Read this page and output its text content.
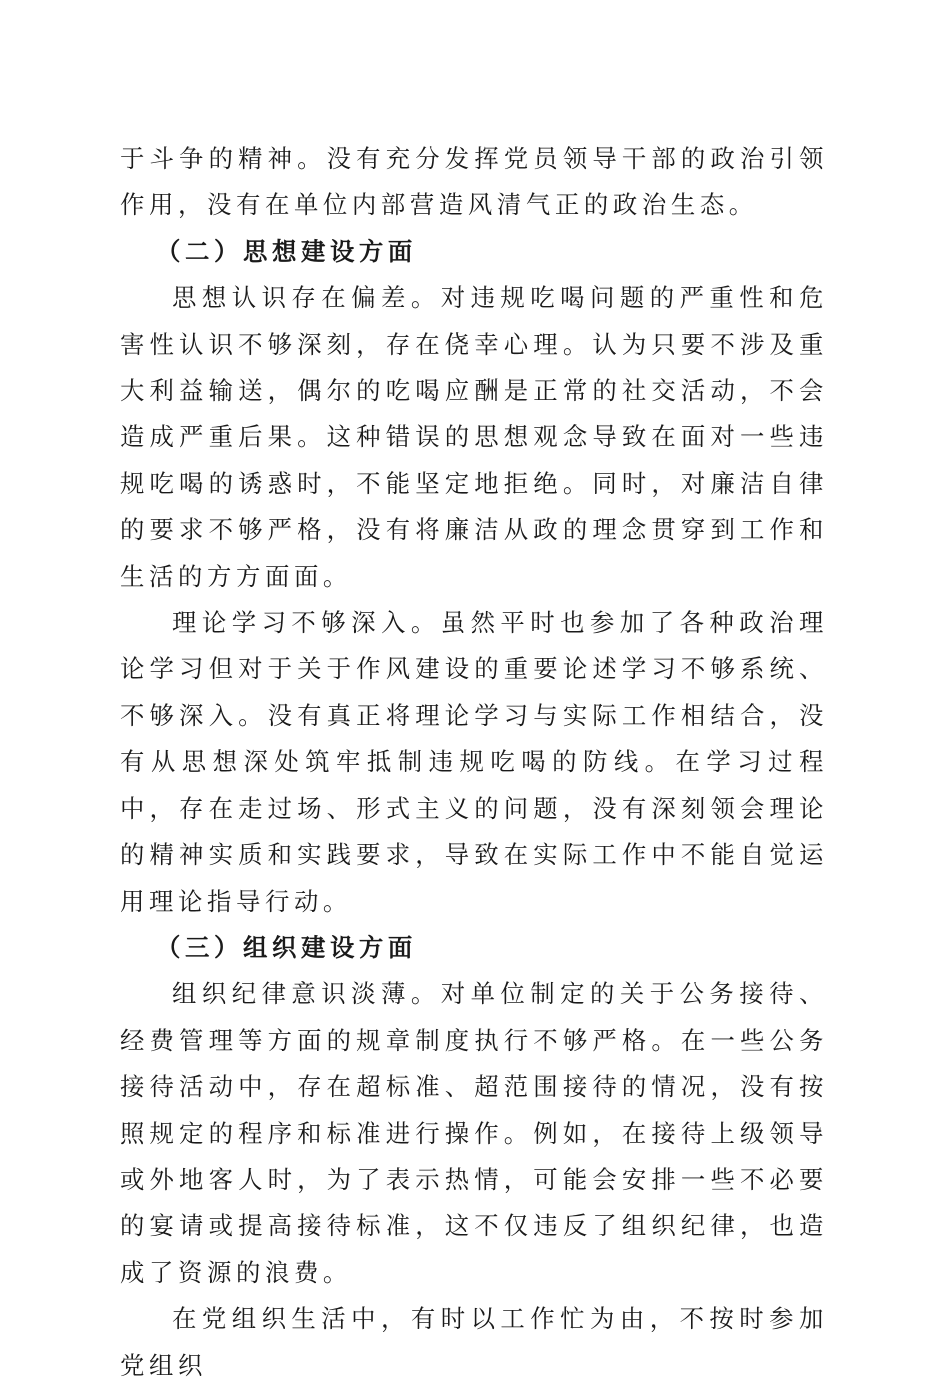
于斗争的精神。没有充分发挥党员领导干部的政治引领作用，没有在单位内部营造风清气正的政治生态。

（二）思想建设方面

思想认识存在偏差。对违规吃喝问题的严重性和危害性认识不够深刻，存在侥幸心理。认为只要不涉及重大利益输送，偶尔的吃喝应酬是正常的社交活动，不会造成严重后果。这种错误的思想观念导致在面对一些违规吃喝的诱惑时，不能坚定地拒绝。同时，对廉洁自律的要求不够严格，没有将廉洁从政的理念贯穿到工作和生活的方方面面。

理论学习不够深入。虽然平时也参加了各种政治理论学习但对于关于作风建设的重要论述学习不够系统、不够深入。没有真正将理论学习与实际工作相结合，没有从思想深处筑牢抵制违规吃喝的防线。在学习过程中，存在走过场、形式主义的问题，没有深刻领会理论的精神实质和实践要求，导致在实际工作中不能自觉运用理论指导行动。

（三）组织建设方面

组织纪律意识淡薄。对单位制定的关于公务接待、经费管理等方面的规章制度执行不够严格。在一些公务接待活动中，存在超标准、超范围接待的情况，没有按照规定的程序和标准进行操作。例如，在接待上级领导或外地客人时，为了表示热情，可能会安排一些不必要的宴请或提高接待标准，这不仅违反了组织纪律，也造成了资源的浪费。

在党组织生活中，有时以工作忙为由，不按时参加党组织
